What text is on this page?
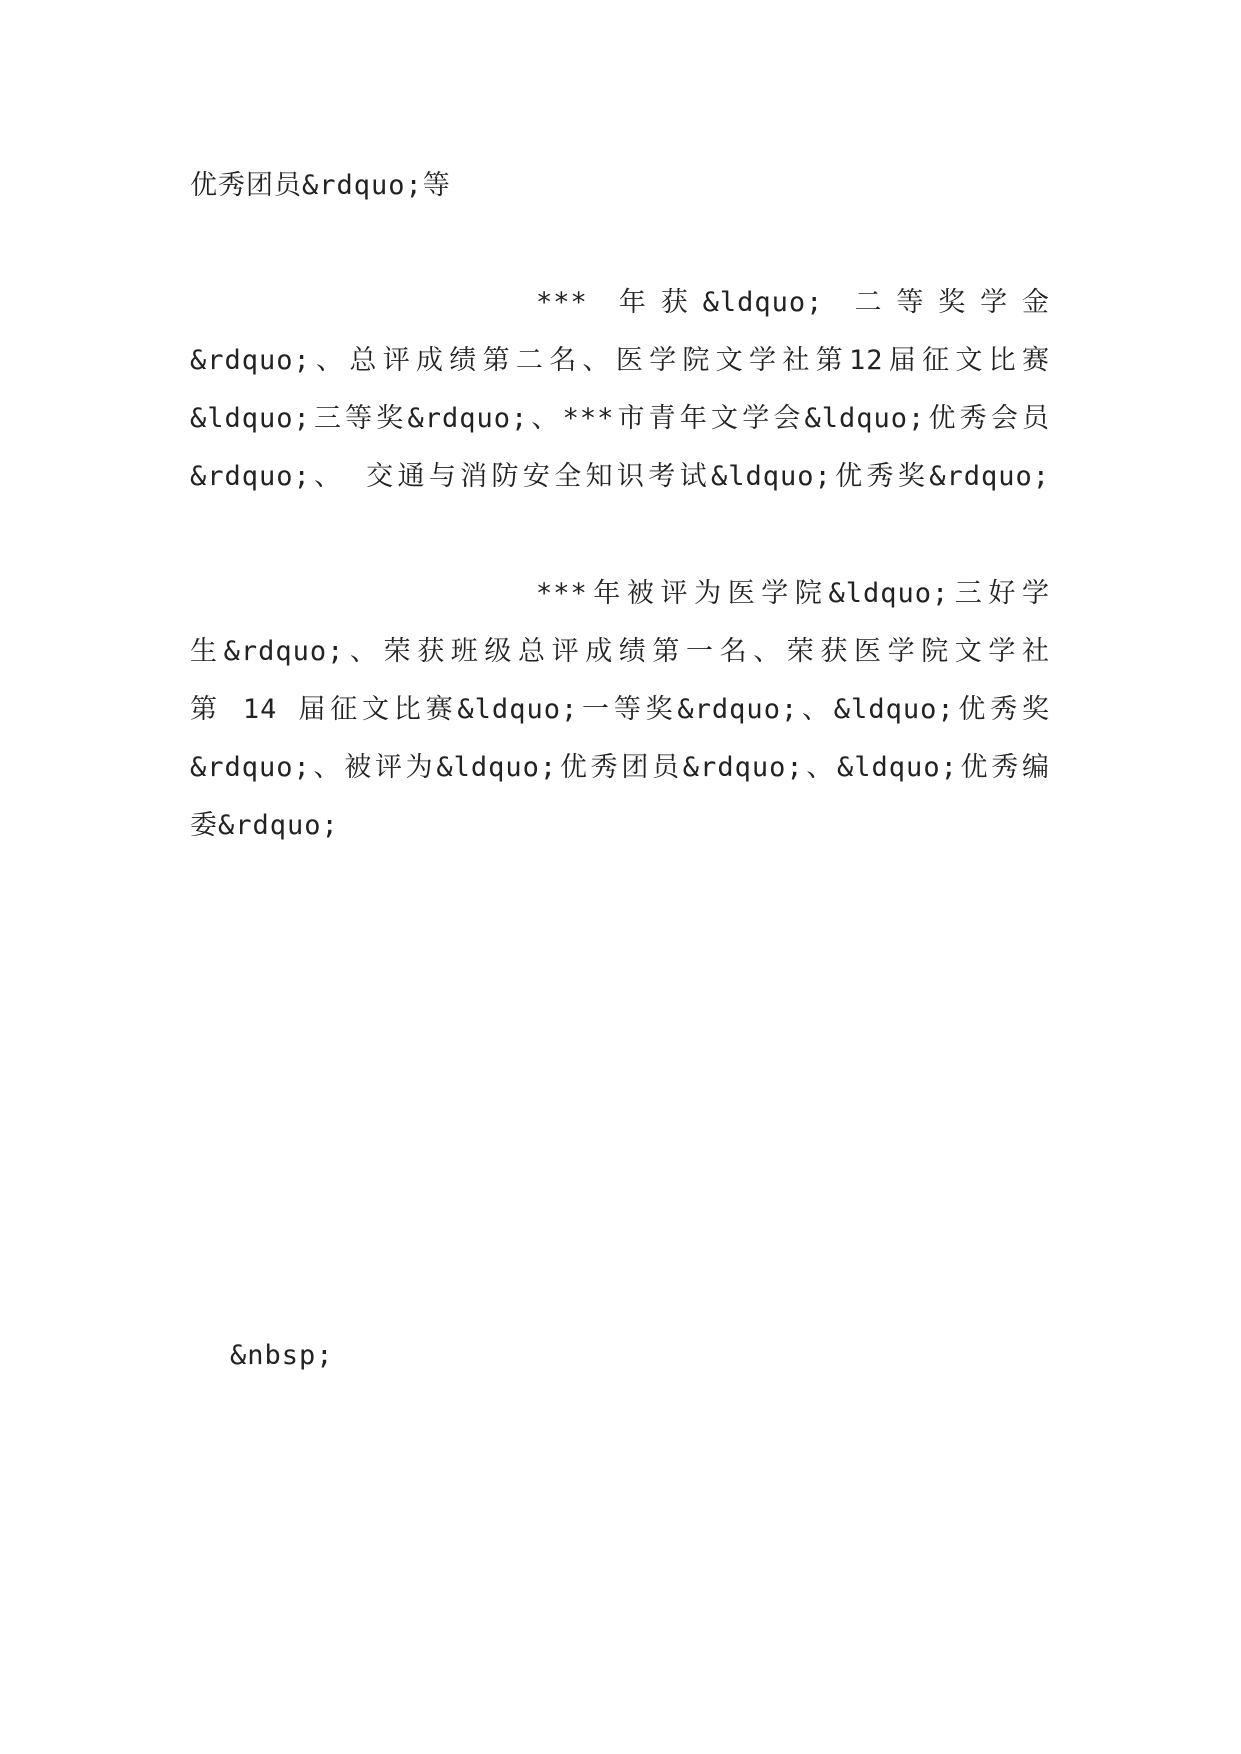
优秀团员&rdquo;等
*** 年获&ldquo; 二等奖学金
&rdquo;、总评成绩第二名、医学院文学社第12届征文比赛
&ldquo;三等奖&rdquo;、***市青年文学会&ldquo;优秀会员
&rdquo;、 交通与消防安全知识考试&ldquo;优秀奖&rdquo;
***年被评为医学院&ldquo;三好学
生&rdquo;、荣获班级总评成绩第一名、荣获医学院文学社
第 14 届征文比赛&ldquo;一等奖&rdquo;、&ldquo;优秀奖
&rdquo;、被评为&ldquo;优秀团员&rdquo;、&ldquo;优秀编
委&rdquo;
&nbsp;
